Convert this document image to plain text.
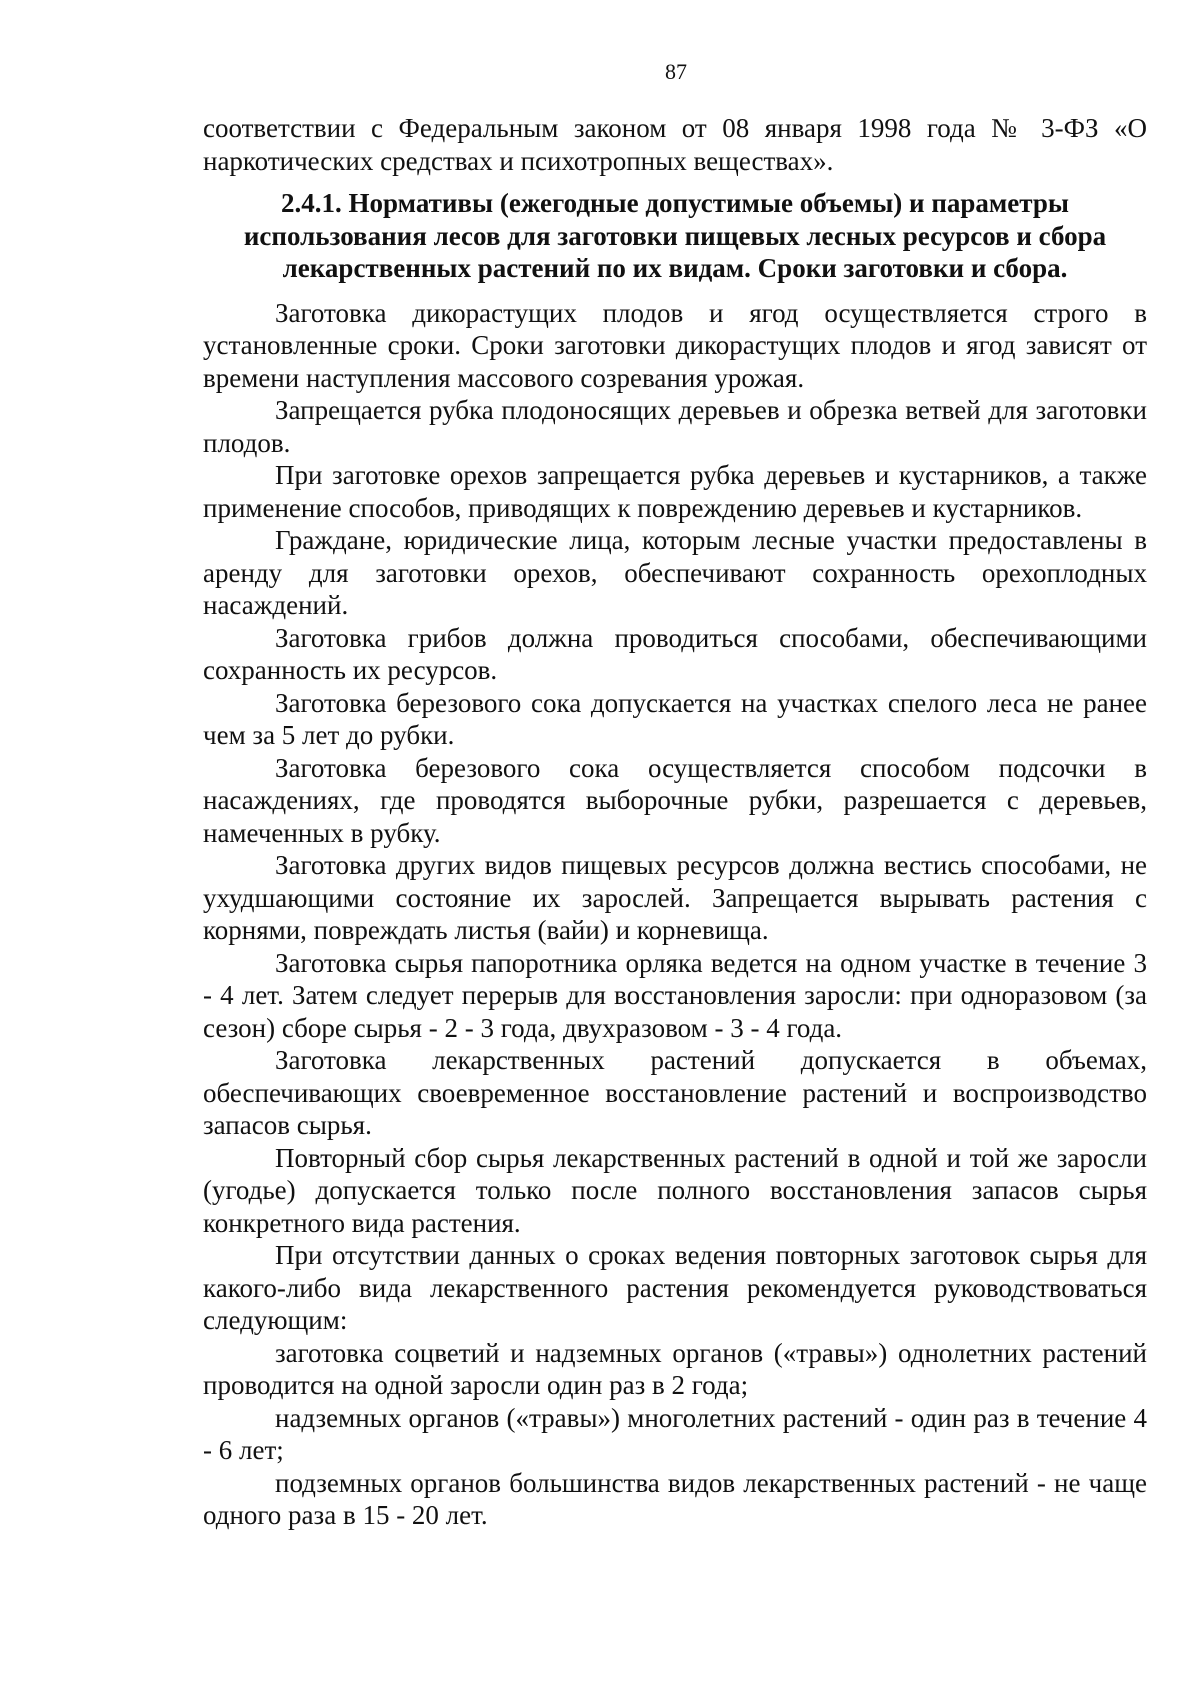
87

соответствии с Федеральным законом от 08 января 1998 года № 3-ФЗ «О наркотических средствах и психотропных веществах».

2.4.1. Нормативы (ежегодные допустимые объемы) и параметры
использования лесов для заготовки пищевых лесных ресурсов и сбора
лекарственных растений по их видам. Сроки заготовки и сбора.

Заготовка дикорастущих плодов и ягод осуществляется строго в установленные сроки. Сроки заготовки дикорастущих плодов и ягод зависят от времени наступления массового созревания урожая.

Запрещается рубка плодоносящих деревьев и обрезка ветвей для заготовки плодов.

При заготовке орехов запрещается рубка деревьев и кустарников, а также применение способов, приводящих к повреждению деревьев и кустарников.

Граждане, юридические лица, которым лесные участки предоставлены в аренду для заготовки орехов, обеспечивают сохранность орехоплодных насаждений.

Заготовка грибов должна проводиться способами, обеспечивающими сохранность их ресурсов.

Заготовка березового сока допускается на участках спелого леса не ранее чем за 5 лет до рубки.

Заготовка березового сока осуществляется способом подсочки в насаждениях, где проводятся выборочные рубки, разрешается с деревьев, намеченных в рубку.

Заготовка других видов пищевых ресурсов должна вестись способами, не ухудшающими состояние их зарослей. Запрещается вырывать растения с корнями, повреждать листья (вайи) и корневища.

Заготовка сырья папоротника орляка ведется на одном участке в течение 3 - 4 лет. Затем следует перерыв для восстановления заросли: при одноразовом (за сезон) сборе сырья - 2 - 3 года, двухразовом - 3 - 4 года.

Заготовка лекарственных растений допускается в объемах, обеспечивающих своевременное восстановление растений и воспроизводство запасов сырья.

Повторный сбор сырья лекарственных растений в одной и той же заросли (угодье) допускается только после полного восстановления запасов сырья конкретного вида растения.

При отсутствии данных о сроках ведения повторных заготовок сырья для какого-либо вида лекарственного растения рекомендуется руководствоваться следующим:

заготовка соцветий и надземных органов («травы») однолетних растений проводится на одной заросли один раз в 2 года;

надземных органов («травы») многолетних растений - один раз в течение 4 - 6 лет;

подземных органов большинства видов лекарственных растений - не чаще одного раза в 15 - 20 лет.
